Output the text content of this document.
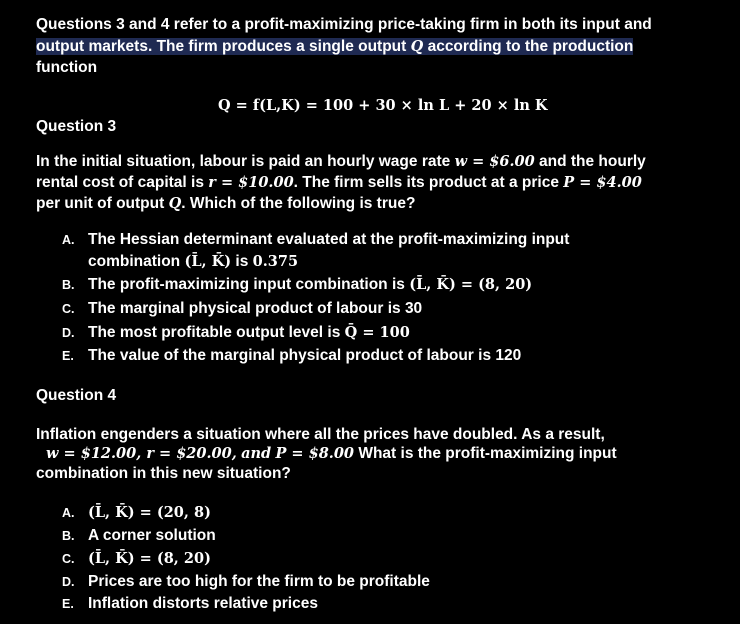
Questions 3 and 4 refer to a profit-maximizing price-taking firm in both its input and
output markets. The firm produces a single output Q according to the production
function
Q = f(L,K) = 100 + 30 × ln L + 20 × ln K
Question 3
In the initial situation, labour is paid an hourly wage rate w = $6.00 and the hourly
rental cost of capital is r = $10.00. The firm sells its product at a price P = $4.00
per unit of output Q. Which of the following is true?
A. The Hessian determinant evaluated at the profit-maximizing input
combination (L̄, K̄) is 0.375
B. The profit-maximizing input combination is (L̄, K̄) = (8, 20)
C. The marginal physical product of labour is 30
D. The most profitable output level is Q̄ = 100
E. The value of the marginal physical product of labour is 120
Question 4
Inflation engenders a situation where all the prices have doubled. As a result,
w = $12.00, r = $20.00, and P = $8.00 What is the profit-maximizing input
combination in this new situation?
A. (L̄, K̄) = (20, 8)
B. A corner solution
C. (L̄, K̄) = (8, 20)
D. Prices are too high for the firm to be profitable
E. Inflation distorts relative prices
